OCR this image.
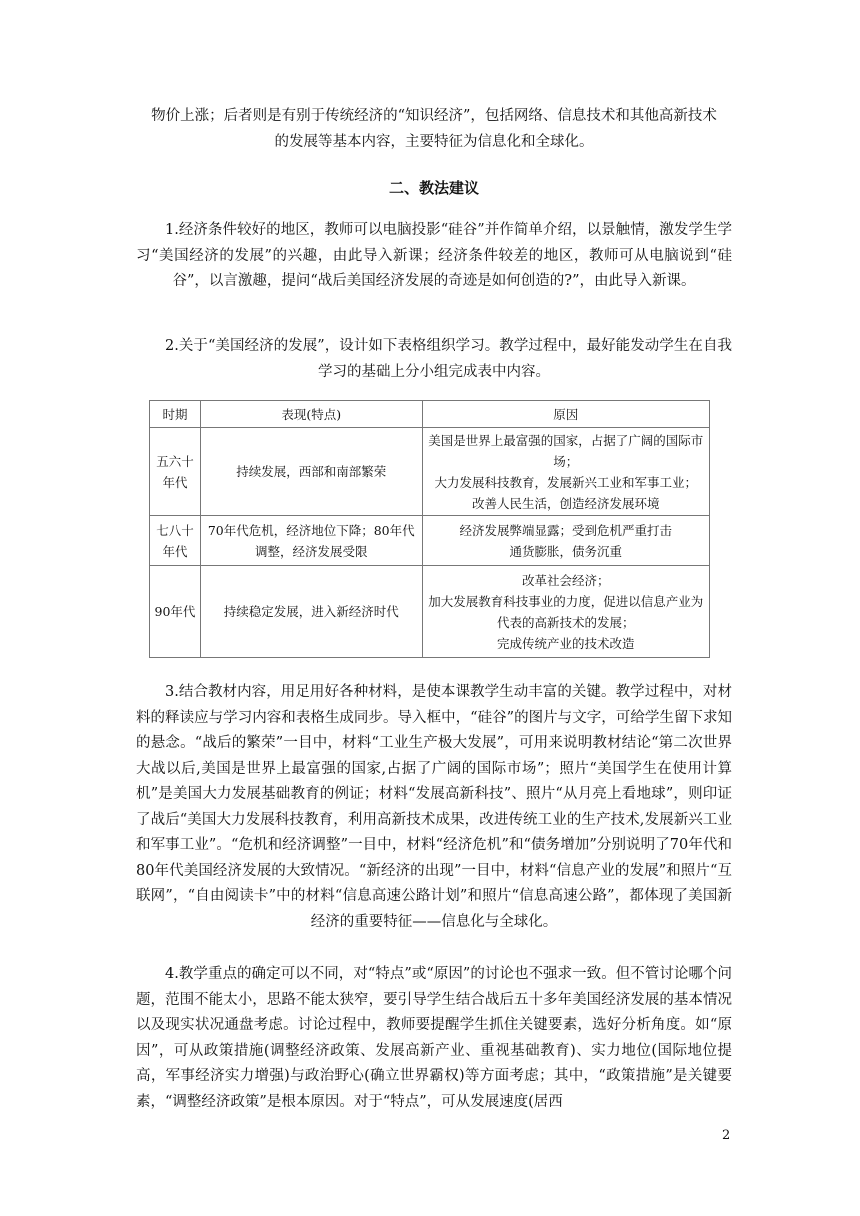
物价上涨；后者则是有别于传统经济的“知识经济”，包括网络、信息技术和其他高新技术
的发展等基本内容，主要特征为信息化和全球化。
二、教法建议
1.经济条件较好的地区，教师可以电脑投影“硅谷”并作简单介绍，以景触情，激发学生学习“美国经济的发展”的兴趣，由此导入新课；经济条件较差的地区，教师可从电脑说到“硅谷”，以言激趣，提问“战后美国经济发展的奇迹是如何创造的?”，由此导入新课。
2.关于“美国经济的发展”，设计如下表格组织学习。教学过程中，最好能发动学生在自我学习的基础上分小组完成表中内容。
时期	表现(特点)	原因
五六十年代	持续发展，西部和南部繁荣	美国是世界上最富强的国家，占据了广阔的国际市场；
大力发展科技教育，发展新兴工业和军事工业；
改善人民生活，创造经济发展环境

七八十年代	70年代危机，经济地位下降；80年代调整，经济发展受限	经济发展弊端显露；受到危机严重打击
通货膨胀，债务沉重

90年代	持续稳定发展，进入新经济时代	改革社会经济；
加大发展教育科技事业的力度，促进以信息产业为代表的高新技术的发展；
完成传统产业的技术改造
3.结合教材内容，用足用好各种材料，是使本课教学生动丰富的关键。教学过程中，对材料的释读应与学习内容和表格生成同步。导入框中，“硅谷”的图片与文字，可给学生留下求知的悬念。“战后的繁荣”一目中，材料“工业生产极大发展”，可用来说明教材结论“第二次世界大战以后,美国是世界上最富强的国家,占据了广阔的国际市场”；照片“美国学生在使用计算机”是美国大力发展基础教育的例证；材料“发展高新科技”、照片“从月亮上看地球”，则印证了战后“美国大力发展科技教育，利用高新技术成果，改进传统工业的生产技术,发展新兴工业和军事工业”。“危机和经济调整”一目中，材料“经济危机”和“债务增加”分别说明了70年代和80年代美国经济发展的大致情况。“新经济的出现”一目中，材料“信息产业的发展”和照片“互联网”，“自由阅读卡”中的材料“信息高速公路计划”和照片“信息高速公路”，都体现了美国新经济的重要特征——信息化与全球化。
4.教学重点的确定可以不同，对“特点”或“原因”的讨论也不强求一致。但不管讨论哪个问题，范围不能太小，思路不能太狭窄，要引导学生结合战后五十多年美国经济发展的基本情况以及现实状况通盘考虑。讨论过程中，教师要提醒学生抓住关键要素，选好分析角度。如“原因”，可从政策措施(调整经济政策、发展高新产业、重视基础教育)、实力地位(国际地位提高，军事经济实力增强)与政治野心(确立世界霸权)等方面考虑；其中，“政策措施”是关键要素，“调整经济政策”是根本原因。对于“特点”，可从发展速度(居西
2
